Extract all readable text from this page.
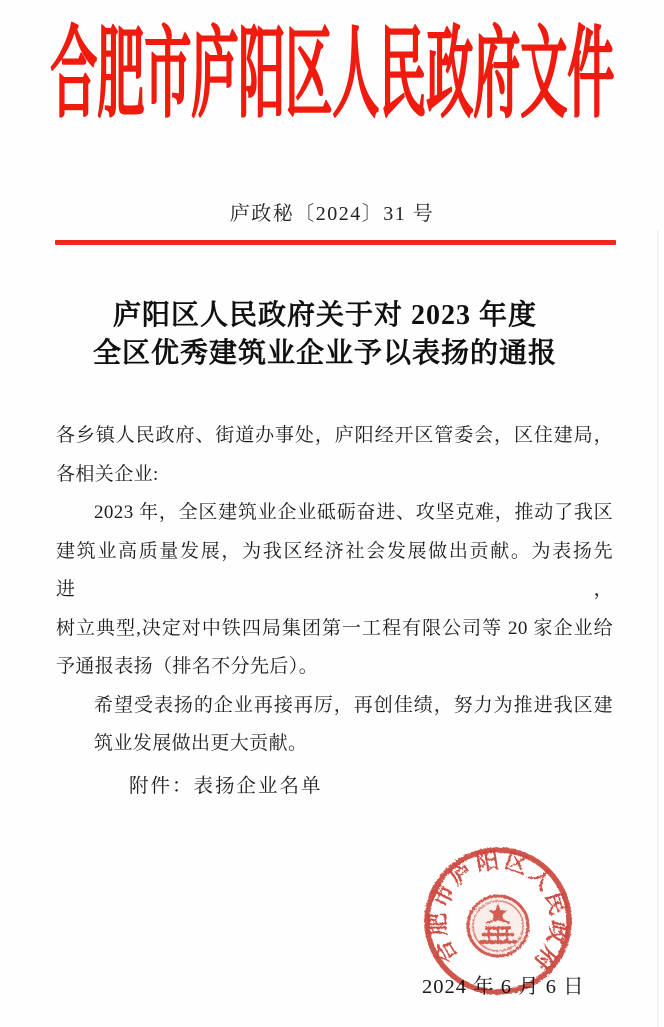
合肥市庐阳区人民政府文件
庐政秘〔2024〕31 号
庐阳区人民政府关于对 2023 年度
全区优秀建筑业企业予以表扬的通报
各乡镇人民政府、街道办事处，庐阳经开区管委会，区住建局，
各相关企业:
2023 年，全区建筑业企业砥砺奋进、攻坚克难，推动了我区
建筑业高质量发展，为我区经济社会发展做出贡献。为表扬先进，
树立典型,决定对中铁四局集团第一工程有限公司等 20 家企业给
予通报表扬（排名不分先后）。
希望受表扬的企业再接再厉，再创佳绩，努力为推进我区建
筑业发展做出更大贡献。
附件：表扬企业名单
2024 年 6 月 6 日
合肥市庐阳区人民政府
